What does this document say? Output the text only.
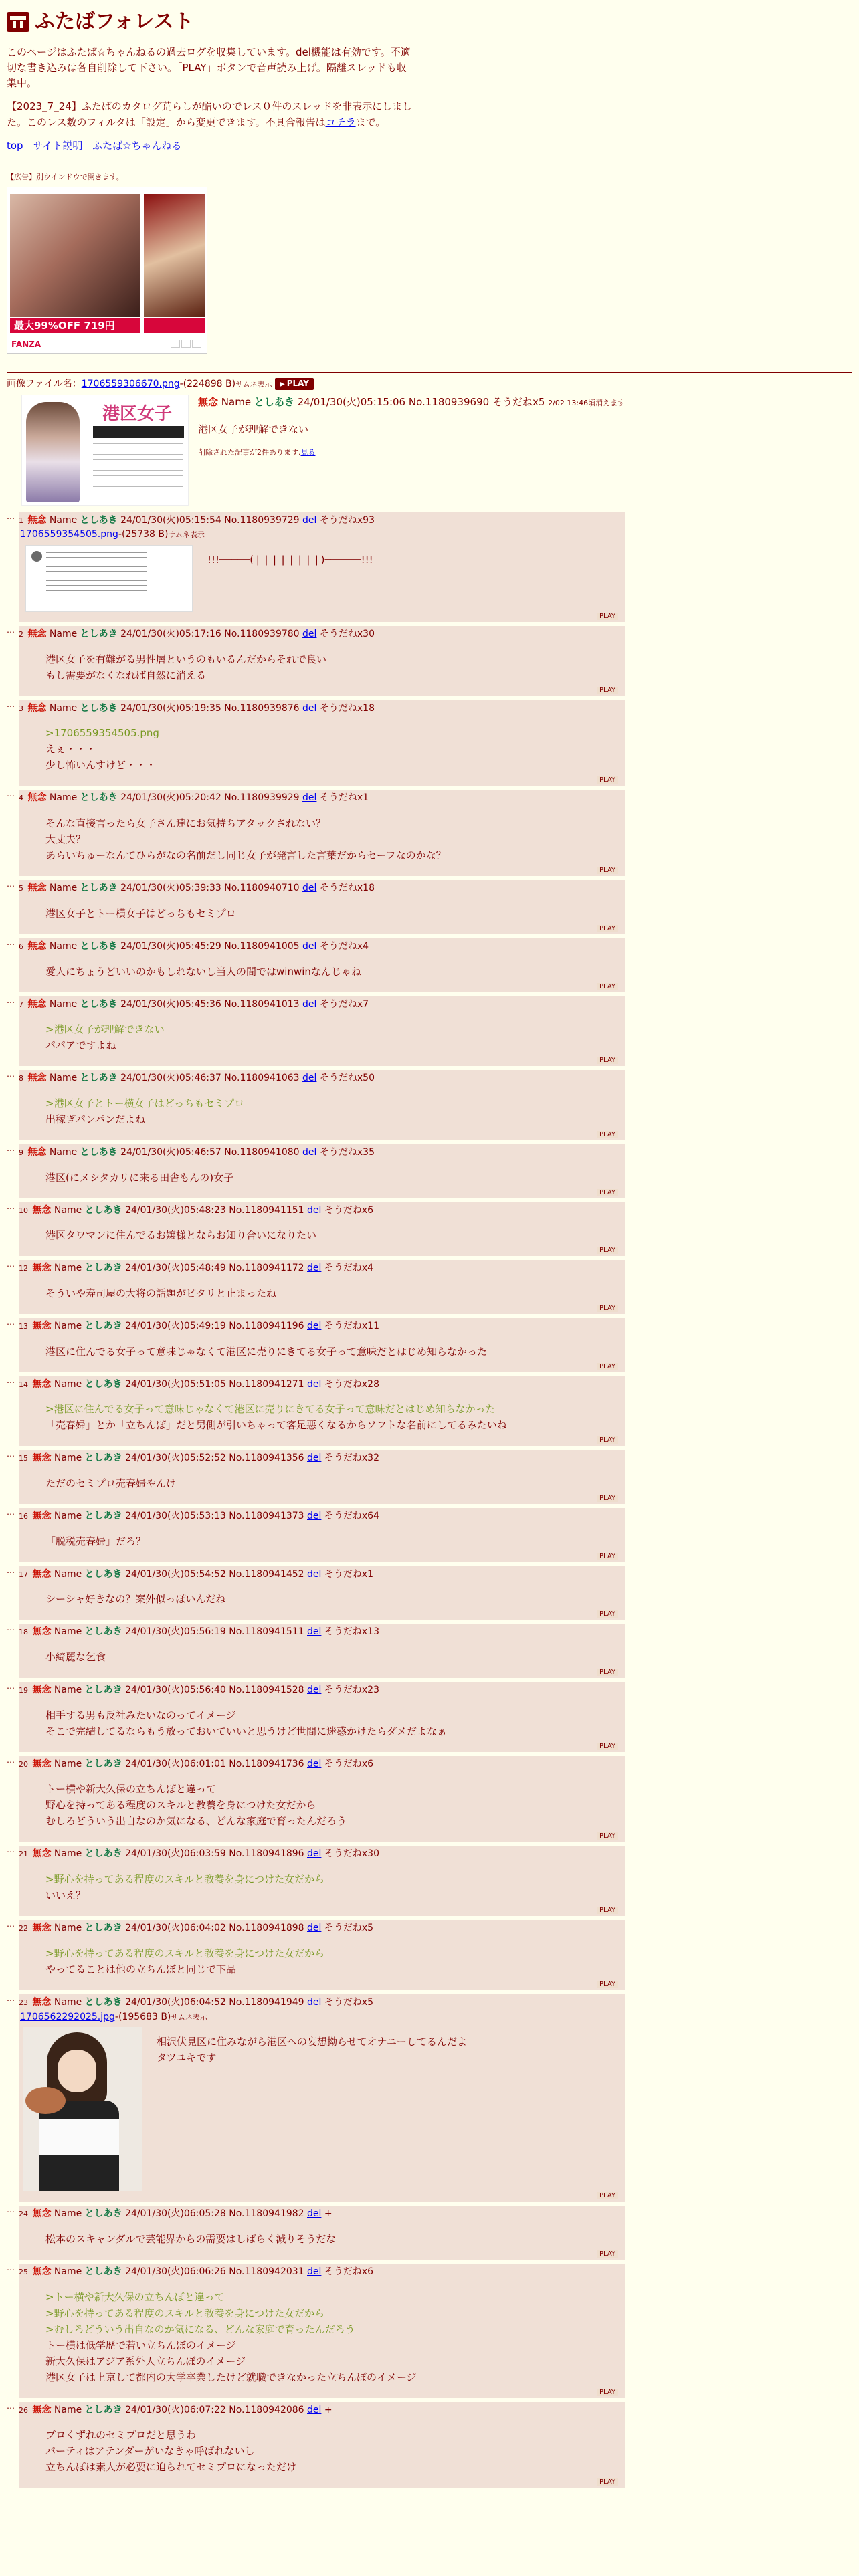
ふたばフォレスト

このページはふたば☆ちゃんねるの過去ログを収集しています。del機能は有効です。不適切な書き込みは各自削除して下さい。「PLAY」ボタンで音声読み上げ。隔離スレッドも収集中。

【2023_7_24】ふたばのカタログ荒らしが酷いのでレス０件のスレッドを非表示にしました。このレス数のフィルタは「設定」から変更できます。不具合報告はコチラまで。

top サイト説明 ふたば☆ちゃんねる
【広告】別ウインドウで開きます。
最大99%OFF 719円
FANZA
画像ファイル名：1706559306670.png-(224898 B)サムネ表示 ▶ PLAY
港区女子
無念 Name としあき 24/01/30(火)05:15:06 No.1180939690 そうだねx5 2/02 13:46頃消えます
港区女子が理解できない
削除された記事が2件あります.見る
… 1 無念 Name としあき 24/01/30(火)05:15:54 No.1180939729 del そうだねx93
1706559354505.png-(25738 B)サムネ表示
!!!─────(❘❘❘❘❘❘❘❘)──────!!!
PLAY
… 2 無念 Name としあき 24/01/30(火)05:17:16 No.1180939780 del そうだねx30
港区女子を有難がる男性層というのもいるんだからそれで良い
もし需要がなくなれば自然に消える
PLAY
… 3 無念 Name としあき 24/01/30(火)05:19:35 No.1180939876 del そうだねx18
>1706559354505.png
えぇ・・・
少し怖いんすけど・・・
PLAY
… 4 無念 Name としあき 24/01/30(火)05:20:42 No.1180939929 del そうだねx1
そんな直接言ったら女子さん達にお気持ちアタックされない？
大丈夫？
あらいちゅーなんてひらがなの名前だし同じ女子が発言した言葉だからセーフなのかな？
PLAY
… 5 無念 Name としあき 24/01/30(火)05:39:33 No.1180940710 del そうだねx18
港区女子とトー横女子はどっちもセミプロ
PLAY
… 6 無念 Name としあき 24/01/30(火)05:45:29 No.1180941005 del そうだねx4
愛人にちょうどいいのかもしれないし当人の間ではwinwinなんじゃね
PLAY
… 7 無念 Name としあき 24/01/30(火)05:45:36 No.1180941013 del そうだねx7
>港区女子が理解できない
パパアですよね
PLAY
… 8 無念 Name としあき 24/01/30(火)05:46:37 No.1180941063 del そうだねx50
>港区女子とトー横女子はどっちもセミプロ
出稼ぎパンパンだよね
PLAY
… 9 無念 Name としあき 24/01/30(火)05:46:57 No.1180941080 del そうだねx35
港区(にメシタカリに来る田舎もんの)女子
PLAY
… 10 無念 Name としあき 24/01/30(火)05:48:23 No.1180941151 del そうだねx6
港区タワマンに住んでるお嬢様とならお知り合いになりたい
PLAY
… 12 無念 Name としあき 24/01/30(火)05:48:49 No.1180941172 del そうだねx4
そういや寿司屋の大将の話題がピタリと止まったね
PLAY
… 13 無念 Name としあき 24/01/30(火)05:49:19 No.1180941196 del そうだねx11
港区に住んでる女子って意味じゃなくて港区に売りにきてる女子って意味だとはじめ知らなかった
PLAY
… 14 無念 Name としあき 24/01/30(火)05:51:05 No.1180941271 del そうだねx28
>港区に住んでる女子って意味じゃなくて港区に売りにきてる女子って意味だとはじめ知らなかった
「売春婦」とか「立ちんぼ」だと男側が引いちゃって客足悪くなるからソフトな名前にしてるみたいね
PLAY
… 15 無念 Name としあき 24/01/30(火)05:52:52 No.1180941356 del そうだねx32
ただのセミプロ売春婦やんけ
PLAY
… 16 無念 Name としあき 24/01/30(火)05:53:13 No.1180941373 del そうだねx64
「脱税売春婦」だろ？
PLAY
… 17 無念 Name としあき 24/01/30(火)05:54:52 No.1180941452 del そうだねx1
シーシャ好きなの？案外似っぽいんだね
PLAY
… 18 無念 Name としあき 24/01/30(火)05:56:19 No.1180941511 del そうだねx13
小綺麗な乞食
PLAY
… 19 無念 Name としあき 24/01/30(火)05:56:40 No.1180941528 del そうだねx23
相手する男も反社みたいなのってイメージ
そこで完結してるならもう放っておいていいと思うけど世間に迷惑かけたらダメだよなぁ
PLAY
… 20 無念 Name としあき 24/01/30(火)06:01:01 No.1180941736 del そうだねx6
トー横や新大久保の立ちんぼと違って
野心を持ってある程度のスキルと教養を身につけた女だから
むしろどういう出自なのか気になる、どんな家庭で育ったんだろう
PLAY
… 21 無念 Name としあき 24/01/30(火)06:03:59 No.1180941896 del そうだねx30
>野心を持ってある程度のスキルと教養を身につけた女だから
いいえ？
PLAY
… 22 無念 Name としあき 24/01/30(火)06:04:02 No.1180941898 del そうだねx5
>野心を持ってある程度のスキルと教養を身につけた女だから
やってることは他の立ちんぼと同じで下品
PLAY
… 23 無念 Name としあき 24/01/30(火)06:04:52 No.1180941949 del そうだねx5
1706562292025.jpg-(195683 B)サムネ表示
相沢伏見区に住みながら港区への妄想拗らせてオナニーしてるんだよ
タツユキです
PLAY
… 24 無念 Name としあき 24/01/30(火)06:05:28 No.1180941982 del +
松本のスキャンダルで芸能界からの需要はしばらく減りそうだな
PLAY
… 25 無念 Name としあき 24/01/30(火)06:06:26 No.1180942031 del そうだねx6
>トー横や新大久保の立ちんぼと違って
>野心を持ってある程度のスキルと教養を身につけた女だから
>むしろどういう出自なのか気になる、どんな家庭で育ったんだろう
トー横は低学歴で若い立ちんぼのイメージ
新大久保はアジア系外人立ちんぼのイメージ
港区女子は上京して都内の大学卒業したけど就職できなかった立ちんぼのイメージ
PLAY
… 26 無念 Name としあき 24/01/30(火)06:07:22 No.1180942086 del +
ブロくずれのセミプロだと思うわ
パーティはアテンダーがいなきゃ呼ばれないし
立ちんぼは素人が必要に迫られてセミプロになっただけ
PLAY
